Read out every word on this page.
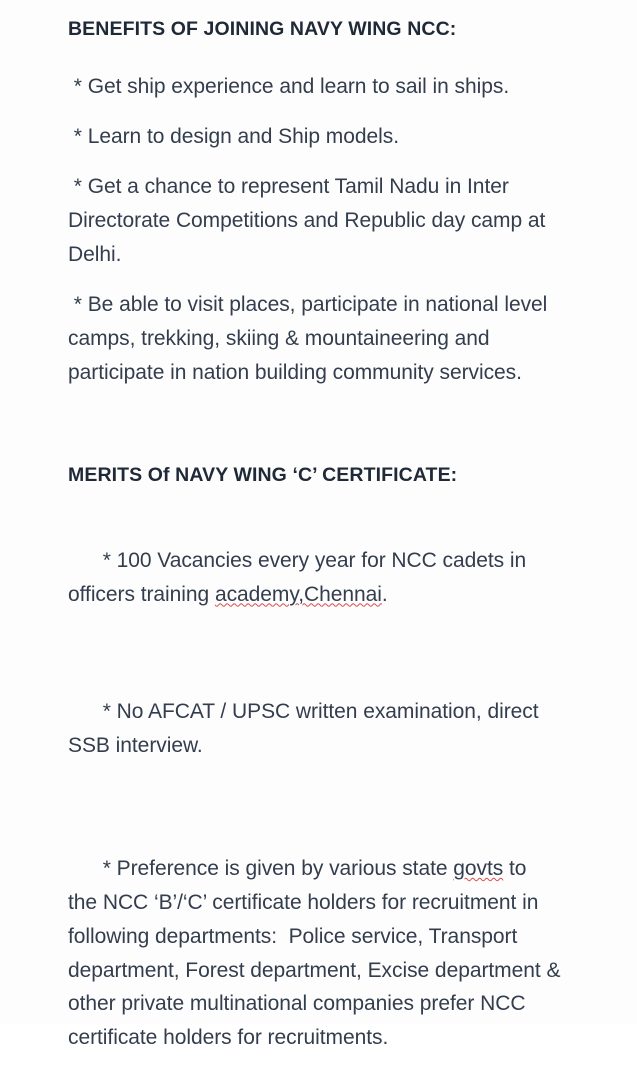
BENEFITS OF JOINING NAVY WING NCC:

* Get ship experience and learn to sail in ships.

* Learn to design and Ship models.

* Get a chance to represent Tamil Nadu in Inter Directorate Competitions and Republic day camp at Delhi.

* Be able to visit places, participate in national level camps, trekking, skiing & mountaineering and participate in nation building community services.

MERITS Of NAVY WING ‘C’ CERTIFICATE:

* 100 Vacancies every year for NCC cadets in officers training academy,Chennai.

* No AFCAT / UPSC written examination, direct SSB interview.

* Preference is given by various state govts to the NCC ‘B’/‘C’ certificate holders for recruitment in following departments:  Police service, Transport department, Forest department, Excise department & other private multinational companies prefer NCC certificate holders for recruitments.
